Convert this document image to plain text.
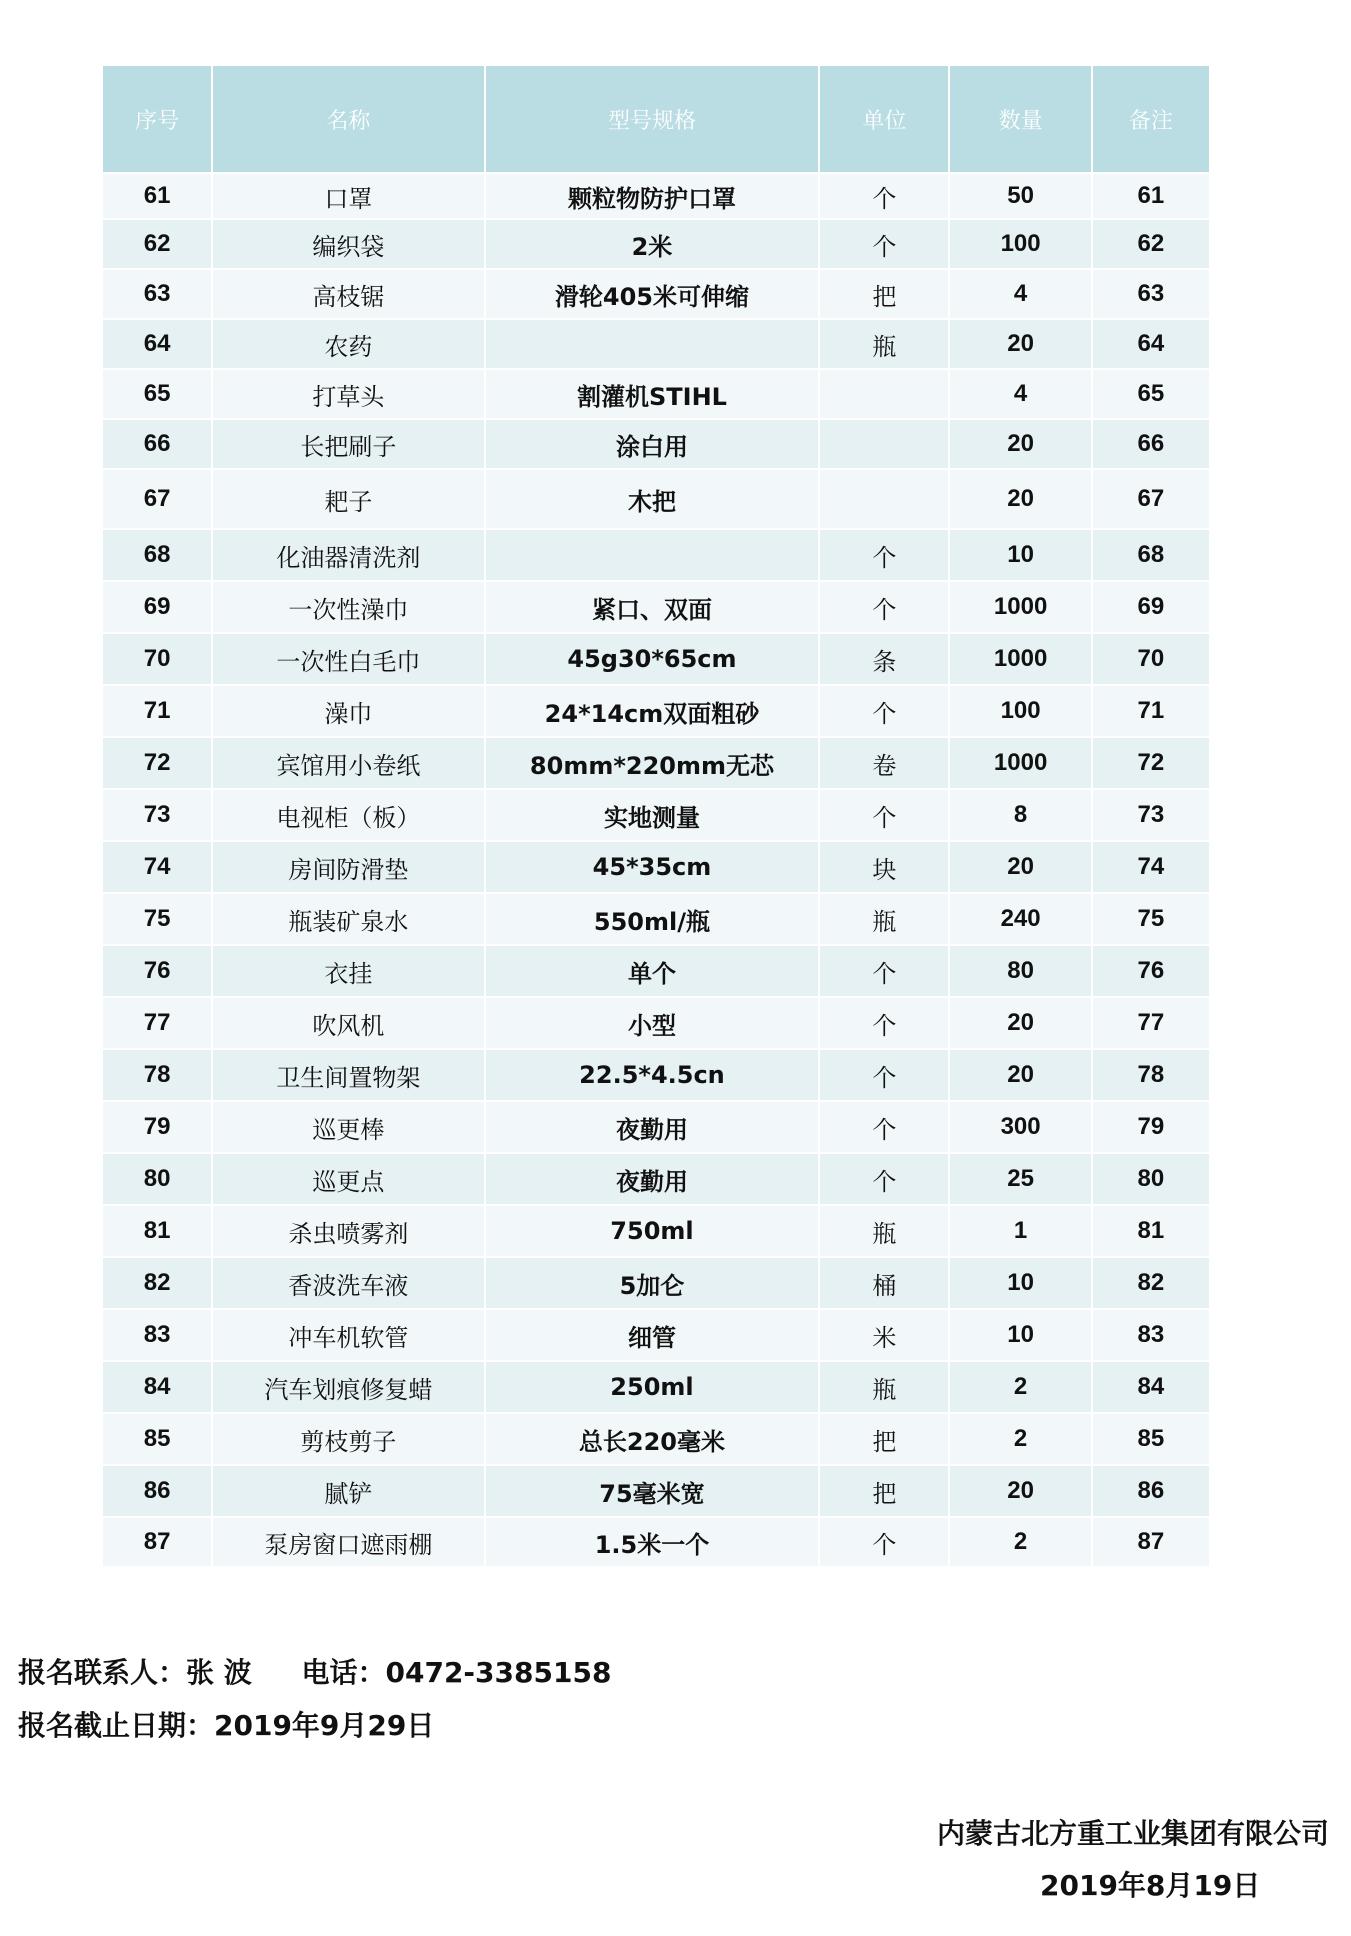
序号	名称	型号规格	单位	数量	备注
61	口罩	颗粒物防护口罩	个	50	61
62	编织袋	2米	个	100	62
63	高枝锯	滑轮405米可伸缩	把	4	63
64	农药		瓶	20	64
65	打草头	割灌机STIHL		4	65
66	长把刷子	涂白用		20	66
67	耙子	木把		20	67
68	化油器清洗剂		个	10	68
69	一次性澡巾	紧口、双面	个	1000	69
70	一次性白毛巾	45g30*65cm	条	1000	70
71	澡巾	24*14cm双面粗砂	个	100	71
72	宾馆用小卷纸	80mm*220mm无芯	卷	1000	72
73	电视柜（板）	实地测量	个	8	73
74	房间防滑垫	45*35cm	块	20	74
75	瓶装矿泉水	550ml/瓶	瓶	240	75
76	衣挂	单个	个	80	76
77	吹风机	小型	个	20	77
78	卫生间置物架	22.5*4.5cn	个	20	78
79	巡更棒	夜勤用	个	300	79
80	巡更点	夜勤用	个	25	80
81	杀虫喷雾剂	750ml	瓶	1	81
82	香波洗车液	5加仑	桶	10	82
83	冲车机软管	细管	米	10	83
84	汽车划痕修复蜡	250ml	瓶	2	84
85	剪枝剪子	总长220毫米	把	2	85
86	腻铲	75毫米宽	把	20	86
87	泵房窗口遮雨棚	1.5米一个	个	2	87
报名联系人：张 波 电话：0472-3385158
报名截止日期：2019年9月29日
内蒙古北方重工业集团有限公司
2019年8月19日
